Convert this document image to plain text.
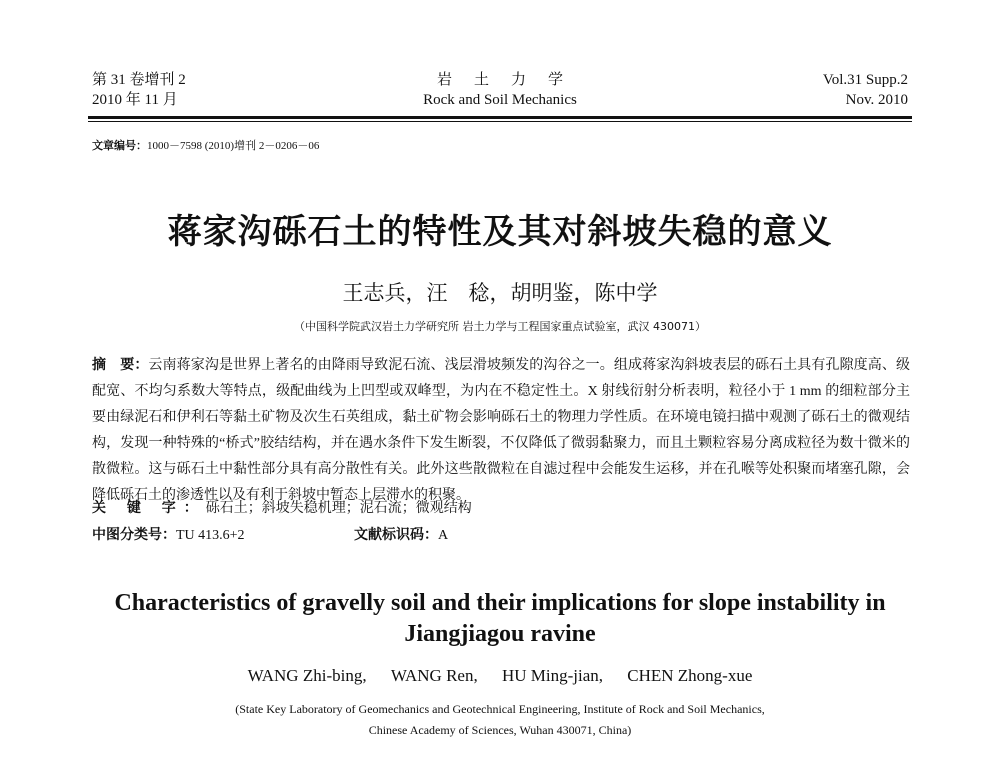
第 31 卷增刊 2
2010 年 11 月
岩土力学
Rock and Soil Mechanics
Vol.31 Supp.2
Nov. 2010
文章编号：1000－7598 (2010)增刊 2－0206－06
蒋家沟砾石土的特性及其对斜坡失稳的意义
王志兵，汪　稔，胡明鉴，陈中学
（中国科学院武汉岩土力学研究所 岩土力学与工程国家重点试验室，武汉 430071）
摘　要：云南蒋家沟是世界上著名的由降雨导致泥石流、浅层滑坡频发的沟谷之一。组成蒋家沟斜坡表层的砾石土具有孔隙度高、级配宽、不均匀系数大等特点，级配曲线为上凹型或双峰型，为内在不稳定性土。X 射线衍射分析表明，粒径小于 1 mm 的细粒部分主要由绿泥石和伊利石等黏土矿物及次生石英组成，黏土矿物会影响砾石土的物理力学性质。在环境电镜扫描中观测了砾石土的微观结构，发现一种特殊的“桥式”胶结结构，并在遇水条件下发生断裂，不仅降低了微弱黏聚力，而且土颗粒容易分离成粒径为数十微米的散微粒。这与砾石土中黏性部分具有高分散性有关。此外这些散微粒在自滤过程中会能发生运移，并在孔喉等处积聚而堵塞孔隙，会降低砾石土的渗透性以及有利于斜坡中暂态上层滞水的积聚。
关 键 字：砾石土；斜坡失稳机理；泥石流；微观结构
中图分类号：TU 413.6+2	文献标识码：A
Characteristics of gravelly soil and their implications for slope instability in
Jiangjiagou ravine
WANG Zhi-bing, WANG Ren, HU Ming-jian, CHEN Zhong-xue
(State Key Laboratory of Geomechanics and Geotechnical Engineering, Institute of Rock and Soil Mechanics,
Chinese Academy of Sciences, Wuhan 430071, China)
